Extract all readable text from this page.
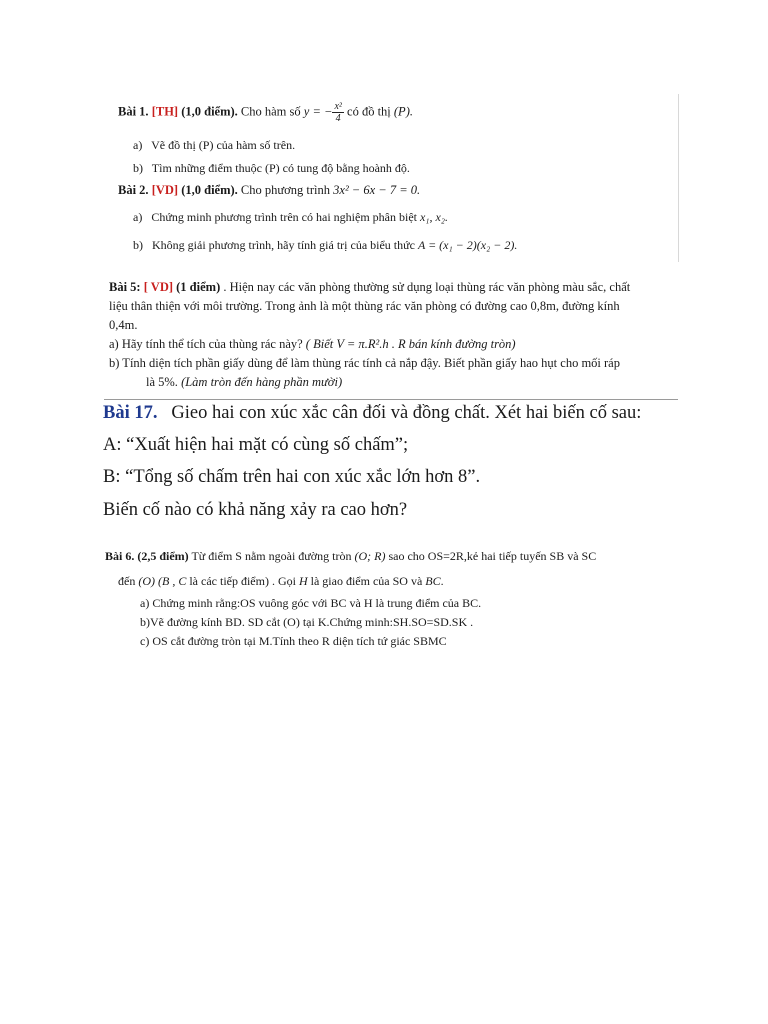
Bài 1. [TH] (1,0 điểm). Cho hàm số y = − $\frac{\text{x²}}{4}$ có đồ thị (P).
a) Vẽ đồ thị (P) của hàm số trên.
b) Tìm những điểm thuộc (P) có tung độ bằng hoành độ.
Bài 2. [VD] (1,0 điểm). Cho phương trình 3x² − 6x − 7 = 0.
a) Chứng minh phương trình trên có hai nghiệm phân biệt x₁, x₂.
b) Không giải phương trình, hãy tính giá trị của biểu thức A = (x₁ − 2)(x₂ − 2).
Bài 5: [ VD] (1 điểm) . Hiện nay các văn phòng thường sử dụng loại thùng rác văn phòng màu sắc, chất
liệu thân thiện với môi trường. Trong ảnh là một thùng rác văn phòng có đường cao 0,8m, đường kính
0,4m.
a) Hãy tính thể tích của thùng rác này? ( Biết V = π.R².h . R bán kính đường tròn)
b) Tính diện tích phần giấy dùng để làm thùng rác tính cả nắp đậy. Biết phần giấy hao hụt cho mối ráp
là 5%. (Làm tròn đến hàng phần mười)
Bài 17. Gieo hai con xúc xắc cân đối và đồng chất. Xét hai biến cố sau:
A: “Xuất hiện hai mặt có cùng số chấm”;
B: “Tổng số chấm trên hai con xúc xắc lớn hơn 8”.
Biến cố nào có khả năng xảy ra cao hơn?
Bài 6. (2,5 điểm) Từ điểm S nằm ngoài đường tròn (O; R) sao cho OS=2R,kẻ hai tiếp tuyến SB và SC
đến (O) (B , C là các tiếp điểm) . Gọi H là giao điểm của SO và BC.
a) Chứng minh rằng:OS vuông góc với BC và H là trung điểm của BC.
b)Vẽ đường kính BD. SD cắt (O) tại K.Chứng minh:SH.SO=SD.SK .
c) OS cắt đường tròn tại M.Tính theo R diện tích tứ giác SBMC
